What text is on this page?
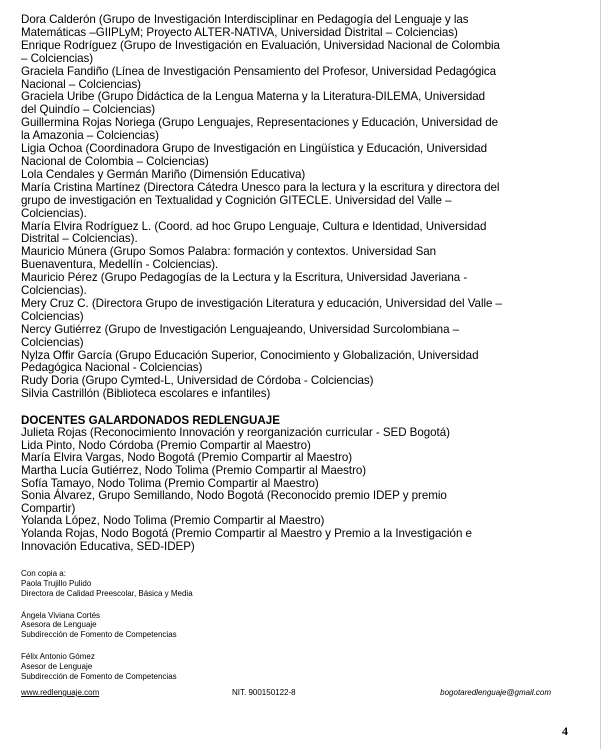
Dora Calderón (Grupo de Investigación Interdisciplinar en Pedagogía del Lenguaje y las
Matemáticas –GIIPLyM; Proyecto ALTER-NATIVA, Universidad Distrital – Colciencias)
Enrique Rodríguez (Grupo de Investigación en Evaluación, Universidad Nacional de Colombia
– Colciencias)
Graciela Fandiño (Línea de Investigación Pensamiento del Profesor, Universidad Pedagógica
Nacional – Colciencias)
Graciela Uribe (Grupo Didáctica de la Lengua Materna y la Literatura-DILEMA, Universidad
del Quindío – Colciencias)
Guillermina Rojas Noriega (Grupo Lenguajes, Representaciones y Educación, Universidad de
la Amazonia – Colciencias)
Ligia Ochoa (Coordinadora Grupo de Investigación en Lingüística y Educación, Universidad
Nacional de Colombia – Colciencias)
Lola Cendales y Germán Mariño (Dimensión Educativa)
María Cristina Martínez (Directora Cátedra Unesco para la lectura y la escritura y directora del
grupo de investigación en Textualidad y Cognición GITECLE. Universidad del Valle –
Colciencias).
María Elvira Rodríguez L. (Coord. ad hoc Grupo Lenguaje, Cultura e Identidad, Universidad
Distrital – Colciencias).
Mauricio Múnera (Grupo Somos Palabra: formación y contextos. Universidad San
Buenaventura, Medellín - Colciencias).
Mauricio Pérez (Grupo Pedagogías de la Lectura y la Escritura, Universidad Javeriana -
Colciencias).
Mery Cruz C. (Directora Grupo de investigación Literatura y educación, Universidad del Valle –
Colciencias)
Nercy Gutiérrez (Grupo de Investigación Lenguajeando, Universidad Surcolombiana –
Colciencias)
Nylza Offir García (Grupo Educación Superior, Conocimiento y Globalización, Universidad
Pedagógica Nacional - Colciencias)
Rudy Doria (Grupo Cymted-L, Universidad de Córdoba - Colciencias)
Silvia Castrillón (Biblioteca escolares e infantiles)
DOCENTES GALARDONADOS REDLENGUAJE
Julieta Rojas (Reconocimiento Innovación y reorganización curricular - SED Bogotá)
Lida Pinto, Nodo Córdoba (Premio Compartir al Maestro)
María Elvira Vargas, Nodo Bogotá (Premio Compartir al Maestro)
Martha Lucía Gutiérrez, Nodo Tolima (Premio Compartir al Maestro)
Sofía Tamayo, Nodo Tolima (Premio Compartir al Maestro)
Sonia Álvarez, Grupo Semillando, Nodo Bogotá (Reconocido premio IDEP y premio
Compartir)
Yolanda López, Nodo Tolima (Premio Compartir al Maestro)
Yolanda Rojas, Nodo Bogotá (Premio Compartir al Maestro y Premio a la Investigación e
Innovación Educativa, SED-IDEP)
Con copia a:
Paola Trujillo Pulido
Directora de Calidad Preescolar, Básica y Media
Ángela Viviana Cortés
Asesora de Lenguaje
Subdirección de Fomento de Competencias
Félix Antonio Gómez
Asesor de Lenguaje
Subdirección de Fomento de Competencias
www.redlenguaje.com	NIT. 900150122-8	bogotaredlenguaje@gmail.com
4
